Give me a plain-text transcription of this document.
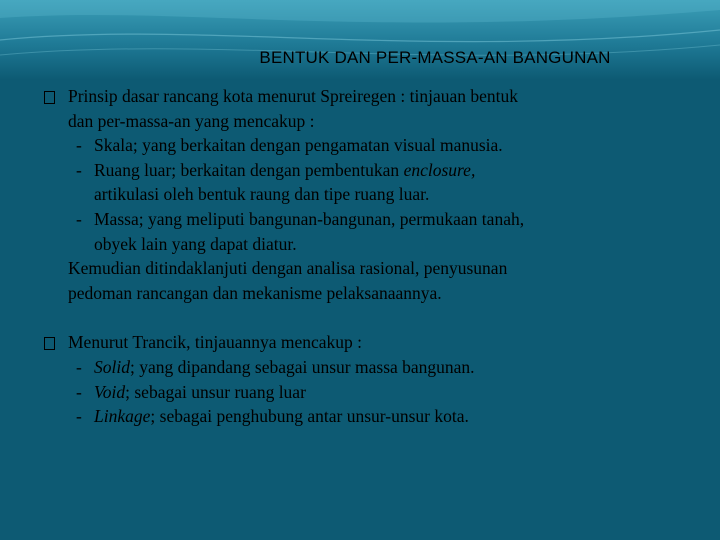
BENTUK DAN PER-MASSA-AN BANGUNAN
Prinsip dasar rancang kota menurut Spreiregen : tinjauan bentuk
dan per-massa-an yang mencakup :
- Skala; yang berkaitan dengan pengamatan visual manusia.
- Ruang luar; berkaitan dengan pembentukan enclosure,
artikulasi oleh bentuk raung dan tipe ruang luar.
- Massa; yang meliputi bangunan-bangunan, permukaan tanah,
obyek lain yang dapat diatur.
Kemudian ditindaklanjuti dengan analisa rasional, penyusunan
pedoman rancangan dan mekanisme pelaksanaannya.
Menurut Trancik, tinjauannya mencakup :
- Solid; yang dipandang sebagai unsur massa bangunan.
- Void; sebagai unsur ruang luar
- Linkage; sebagai penghubung antar unsur-unsur kota.
